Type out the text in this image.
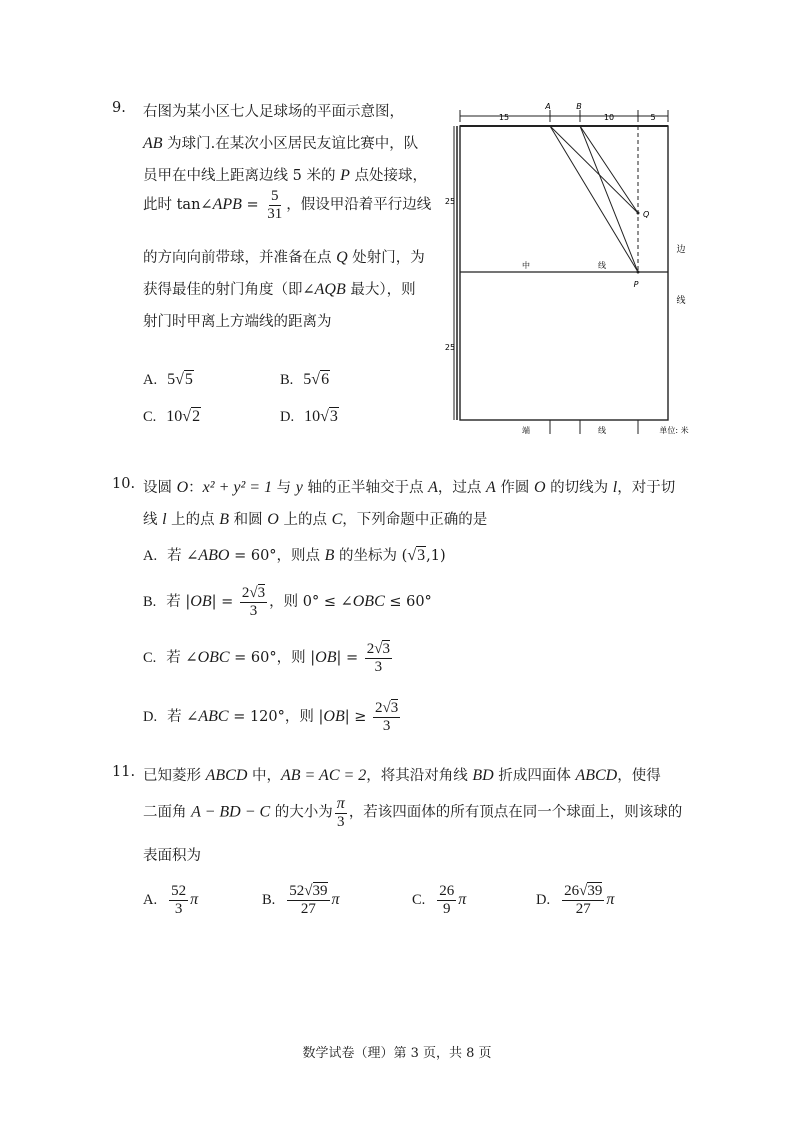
9. 右图为某小区七人足球场的平面示意图，
AB 为球门.在某次小区居民友谊比赛中，队
员甲在中线上距离边线 5 米的 P 点处接球，
此时 tan∠APB = $\frac{5}{31}$ ，假设甲沿着平行边线
的方向向前带球，并准备在点 Q 处射门，为
获得最佳的射门角度（即∠AQB 最大），则
射门时甲离上方端线的距离为
A. 5√5	B. 5√6
C. 10√2	D. 10√3
15	10	5
A	B
25
25
Q
P
中	线
边
线
端	线	单位: 米
10. 设圆 O：x² + y² = 1 与 y 轴的正半轴交于点 A，过点 A 作圆 O 的切线为 l，对于切
线 l 上的点 B 和圆 O 上的点 C，下列命题中正确的是
A. 若 ∠ABO = 60°，则点 B 的坐标为 (√3,1)
B. 若 $|OB| = \frac{2√3}{3}$ ，则 0° ≤ ∠OBC ≤ 60°
C. 若 ∠OBC = 60°，则 $|OB| = \frac{2√3}{3}$
D. 若 ∠ABC = 120°，则 $|OB| \ge \frac{2√3}{3}$
11. 已知菱形 ABCD 中，AB = AC = 2，将其沿对角线 BD 折成四面体 ABCD，使得
二面角 A − BD − C 的大小为 $\frac{\pi}{3}$ ，若该四面体的所有顶点在同一个球面上，则该球的
表面积为
A. $\frac{52}{3}$ π	B. $\frac{52√39}{27}$ π	C. $\frac{26}{9}$ π	D. $\frac{26√39}{27}$ π
数学试卷（理）第 3 页，共 8 页
